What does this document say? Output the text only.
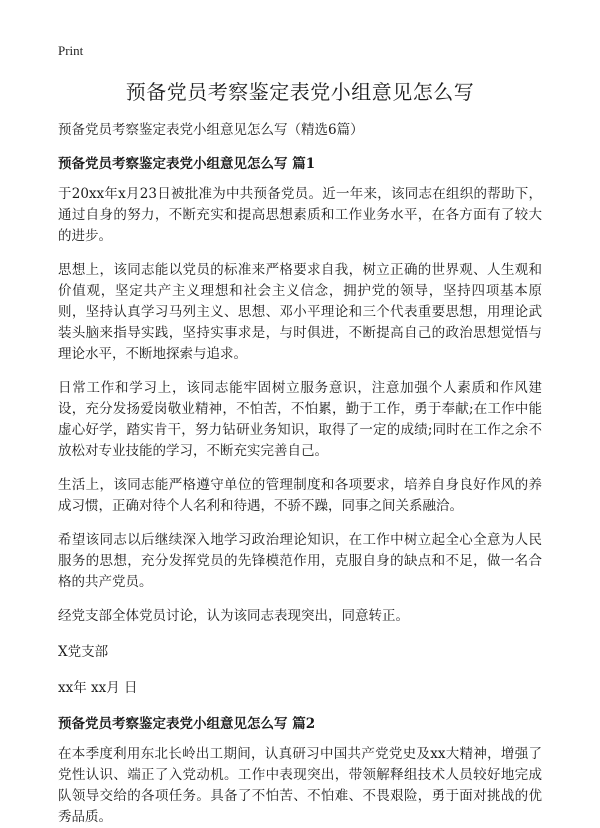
Print
预备党员考察鉴定表党小组意见怎么写

预备党员考察鉴定表党小组意见怎么写（精选6篇）

预备党员考察鉴定表党小组意见怎么写 篇1

于20xx年x月23日被批准为中共预备党员。近一年来，该同志在组织的帮助下，通过自身的努力，不断充实和提高思想素质和工作业务水平，在各方面有了较大的进步。

思想上，该同志能以党员的标准来严格要求自我，树立正确的世界观、人生观和价值观，坚定共产主义理想和社会主义信念，拥护党的领导，坚持四项基本原则，坚持认真学习马列主义、思想、邓小平理论和三个代表重要思想，用理论武装头脑来指导实践，坚持实事求是，与时俱进，不断提高自己的政治思想觉悟与理论水平，不断地探索与追求。

日常工作和学习上，该同志能牢固树立服务意识，注意加强个人素质和作风建设，充分发扬爱岗敬业精神，不怕苦，不怕累，勤于工作，勇于奉献;在工作中能虚心好学，踏实肯干，努力钻研业务知识，取得了一定的成绩;同时在工作之余不放松对专业技能的学习，不断充实完善自己。

生活上，该同志能严格遵守单位的管理制度和各项要求，培养自身良好作风的养成习惯，正确对待个人名利和待遇，不骄不躁，同事之间关系融洽。

希望该同志以后继续深入地学习政治理论知识，在工作中树立起全心全意为人民服务的思想，充分发挥党员的先锋模范作用，克服自身的缺点和不足，做一名合格的共产党员。

经党支部全体党员讨论，认为该同志表现突出，同意转正。

X党支部

xx年 xx月 日

预备党员考察鉴定表党小组意见怎么写 篇2

在本季度利用东北长岭出工期间，认真研习中国共产党党史及xx大精神，增强了党性认识、端正了入党动机。工作中表现突出，带领解释组技术人员较好地完成队领导交给的各项任务。具备了不怕苦、不怕难、不畏艰险，勇于面对挑战的优秀品质。
